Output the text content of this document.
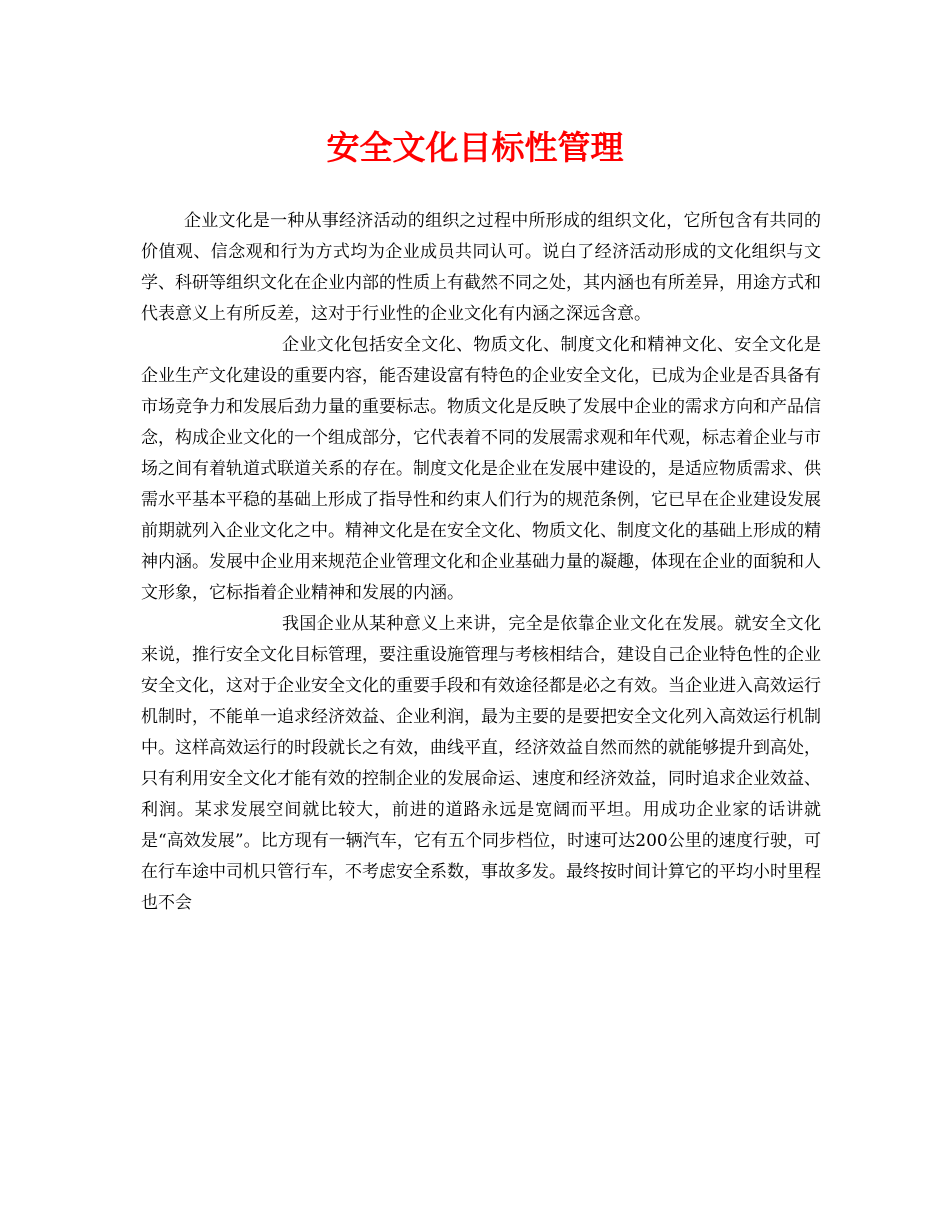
安全文化目标性管理

企业文化是一种从事经济活动的组织之过程中所形成的组织文化，它所包含有共同的价值观、信念观和行为方式均为企业成员共同认可。说白了经济活动形成的文化组织与文学、科研等组织文化在企业内部的性质上有截然不同之处，其内涵也有所差异，用途方式和代表意义上有所反差，这对于行业性的企业文化有内涵之深远含意。

企业文化包括安全文化、物质文化、制度文化和精神文化、安全文化是企业生产文化建设的重要内容，能否建设富有特色的企业安全文化，已成为企业是否具备有市场竞争力和发展后劲力量的重要标志。物质文化是反映了发展中企业的需求方向和产品信念，构成企业文化的一个组成部分，它代表着不同的发展需求观和年代观，标志着企业与市场之间有着轨道式联道关系的存在。制度文化是企业在发展中建设的，是适应物质需求、供需水平基本平稳的基础上形成了指导性和约束人们行为的规范条例，它已早在企业建设发展前期就列入企业文化之中。精神文化是在安全文化、物质文化、制度文化的基础上形成的精神内涵。发展中企业用来规范企业管理文化和企业基础力量的凝趣，体现在企业的面貌和人文形象，它标指着企业精神和发展的内涵。

我国企业从某种意义上来讲，完全是依靠企业文化在发展。就安全文化来说，推行安全文化目标管理，要注重设施管理与考核相结合，建设自己企业特色性的企业安全文化，这对于企业安全文化的重要手段和有效途径都是必之有效。当企业进入高效运行机制时，不能单一追求经济效益、企业利润，最为主要的是要把安全文化列入高效运行机制中。这样高效运行的时段就长之有效，曲线平直，经济效益自然而然的就能够提升到高处，只有利用安全文化才能有效的控制企业的发展命运、速度和经济效益，同时追求企业效益、利润。某求发展空间就比较大，前进的道路永远是宽阔而平坦。用成功企业家的话讲就是“高效发展”。比方现有一辆汽车，它有五个同步档位，时速可达200公里的速度行驶，可在行车途中司机只管行车，不考虑安全系数，事故多发。最终按时间计算它的平均小时里程也不会
